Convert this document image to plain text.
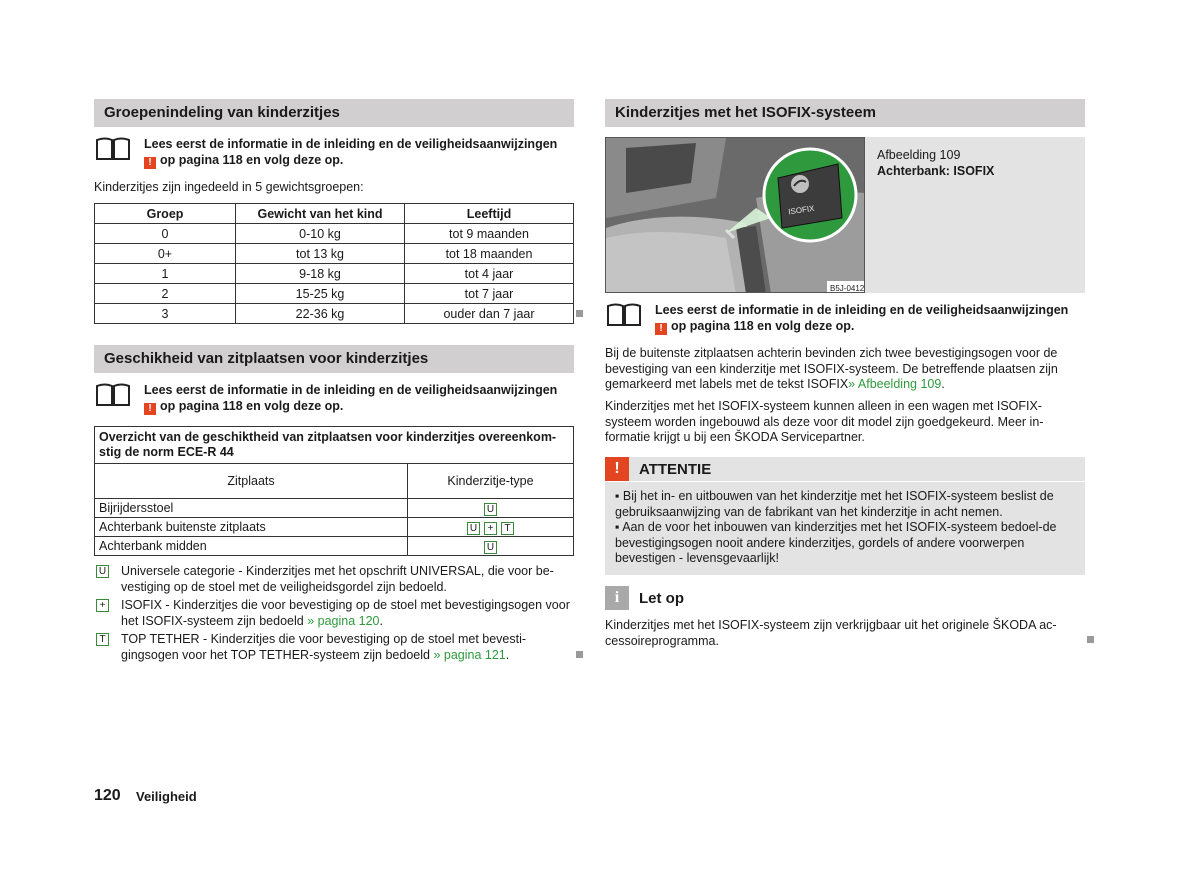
Groepenindeling van kinderzitjes
Lees eerst de informatie in de inleiding en de veiligheidsaanwijzingen
! op pagina 118 en volg deze op.
Kinderzitjes zijn ingedeeld in 5 gewichtsgroepen:
Groep	Gewicht van het kind	Leeftijd
0	0-10 kg	tot 9 maanden
0+	tot 13 kg	tot 18 maanden
1	9-18 kg	tot 4 jaar
2	15-25 kg	tot 7 jaar
3	22-36 kg	ouder dan 7 jaar
Geschikheid van zitplaatsen voor kinderzitjes
Lees eerst de informatie in de inleiding en de veiligheidsaanwijzingen
! op pagina 118 en volg deze op.
Overzicht van de geschiktheid van zitplaatsen voor kinderzitjes overeenkom-stig de norm ECE-R 44	
Zitplaats	Kinderzitje-type
Bijrijdersstoel	U
Achterbank buitenste zitplaats	U + T
Achterbank midden	U
U Universele categorie - Kinderzitjes met het opschrift UNIVERSAL, die voor be-vestiging op de stoel met de veiligheidsgordel zijn bedoeld.
+ ISOFIX - Kinderzitjes die voor bevestiging op de stoel met bevestigingsogen voor het ISOFIX-systeem zijn bedoeld » pagina 120.
T TOP TETHER - Kinderzitjes die voor bevestiging op de stoel met bevesti-gingsogen voor het TOP TETHER-systeem zijn bedoeld » pagina 121.
120 Veiligheid
Kinderzitjes met het ISOFIX-systeem
ISOFIX
B5J-0412
Afbeelding 109
Achterbank: ISOFIX
Lees eerst de informatie in de inleiding en de veiligheidsaanwijzingen
! op pagina 118 en volg deze op.
Bij de buitenste zitplaatsen achterin bevinden zich twee bevestigingsogen voor de bevestiging van een kinderzitje met ISOFIX-systeem. De betreffende plaatsen zijn gemarkeerd met labels met de tekst ISOFIX» Afbeelding 109.
Kinderzitjes met het ISOFIX-systeem kunnen alleen in een wagen met ISOFIX-systeem worden ingebouwd als deze voor dit model zijn goedgekeurd. Meer in-formatie krijgt u bij een ŠKODA Servicepartner.
!	ATTENTIE
▪ Bij het in- en uitbouwen van het kinderzitje met het ISOFIX-systeem beslist de gebruiksaanwijzing van de fabrikant van het kinderzitje in acht nemen.
▪ Aan de voor het inbouwen van kinderzitjes met het ISOFIX-systeem bedoel-de bevestigingsogen nooit andere kinderzitjes, gordels of andere voorwerpen bevestigen - levensgevaarlijk!
i	Let op
Kinderzitjes met het ISOFIX-systeem zijn verkrijgbaar uit het originele ŠKODA ac-cessoireprogramma.
